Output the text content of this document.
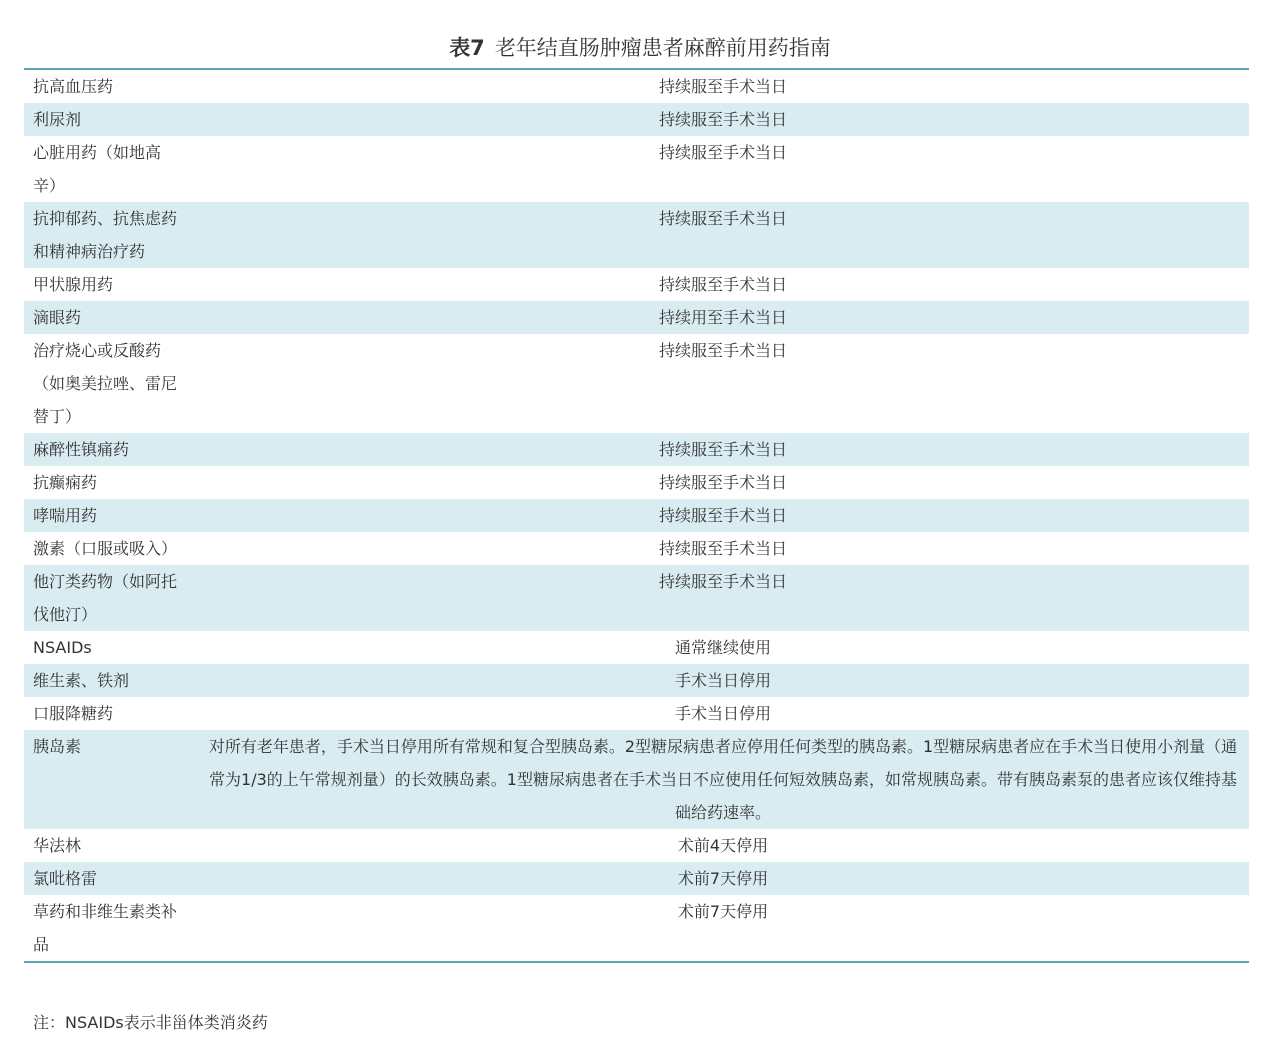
表7 老年结直肠肿瘤患者麻醉前用药指南
抗高血压药	持续服至手术当日
利尿剂	持续服至手术当日
心脏用药（如地高辛）	持续服至手术当日
抗抑郁药、抗焦虑药和精神病治疗药	持续服至手术当日
甲状腺用药	持续服至手术当日
滴眼药	持续用至手术当日
治疗烧心或反酸药（如奥美拉唑、雷尼替丁）	持续服至手术当日
麻醉性镇痛药	持续服至手术当日
抗癫痫药	持续服至手术当日
哮喘用药	持续服至手术当日
激素（口服或吸入）	持续服至手术当日
他汀类药物（如阿托伐他汀）	持续服至手术当日
NSAIDs	通常继续使用
维生素、铁剂	手术当日停用
口服降糖药	手术当日停用
胰岛素	对所有老年患者，手术当日停用所有常规和复合型胰岛素。2型糖尿病患者应停用任何类型的胰岛素。1型糖尿病患者应在手术当日使用小剂量（通常为1/3的上午常规剂量）的长效胰岛素。1型糖尿病患者在手术当日不应使用任何短效胰岛素，如常规胰岛素。带有胰岛素泵的患者应该仅维持基础给药速率。
华法林	术前4天停用
氯吡格雷	术前7天停用
草药和非维生素类补品	术前7天停用
注：NSAIDs表示非甾体类消炎药
